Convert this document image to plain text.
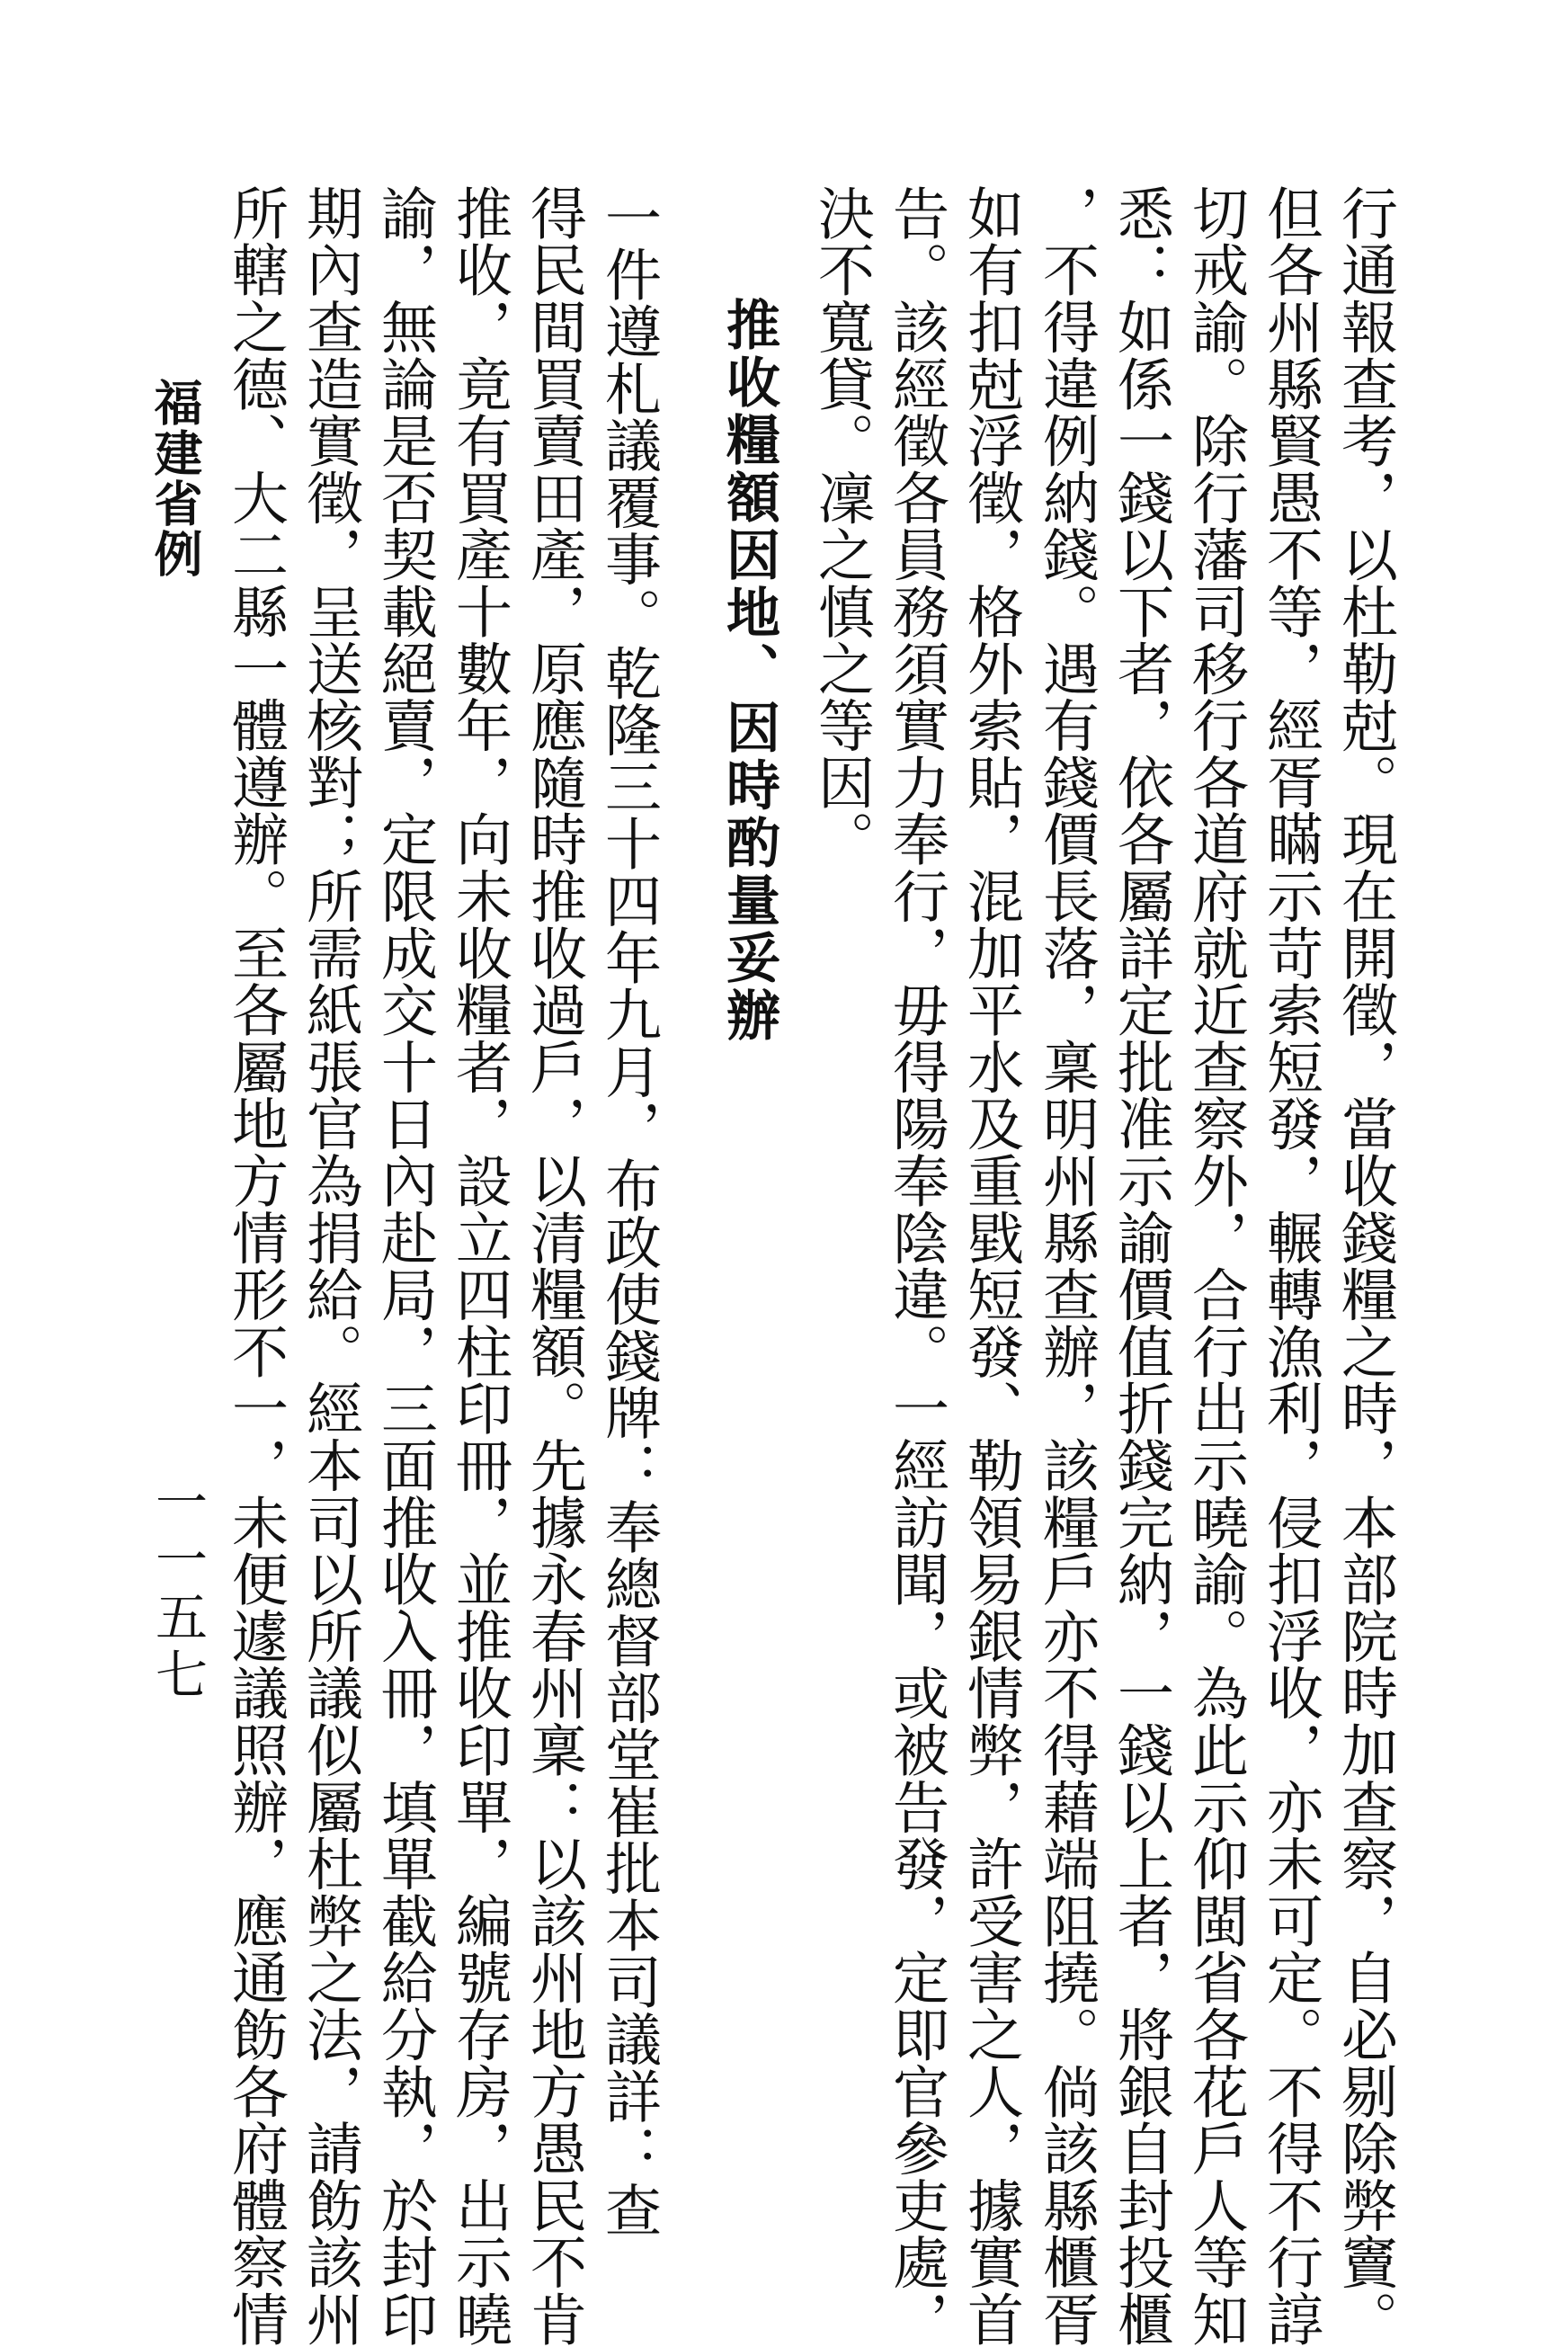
行通報查考，以杜勒尅。現在開徵，當收錢糧之時，本部院時加查察，自必剔除弊竇。
但各州縣賢愚不等，經胥瞞示苛索短發，輾轉漁利，侵扣浮收，亦未可定。不得不行諄
切戒諭。除行藩司移行各道府就近查察外，合行出示曉諭。為此示仰閩省各花戶人等知
悉：如係一錢以下者，依各屬詳定批准示諭價值折錢完納，一錢以上者，將銀自封投櫃
，不得違例納錢。遇有錢價長落，稟明州縣查辦，該糧戶亦不得藉端阻撓。倘該縣櫃胥
如有扣尅浮徵，格外索貼，混加平水及重戥短發、勒領易銀情弊，許受害之人，據實首
告。該經徵各員務須實力奉行，毋得陽奉陰違。一經訪聞，或被告發，定即官參吏處，
決不寬貸。凜之慎之等因。
推收糧額因地、因時酌量妥辦
一件遵札議覆事。乾隆三十四年九月，布政使錢牌：奉總督部堂崔批本司議詳：查
得民間買賣田產，原應隨時推收過戶，以清糧額。先據永春州稟：以該州地方愚民不肯
推收，竟有買產十數年，向未收糧者，設立四柱印冊，並推收印單，編號存房，出示曉
諭，無論是否契載絕賣，定限成交十日內赴局，三面推收入冊，填單截給分執，於封印
期內查造實徵，呈送核對；所需紙張官為捐給。經本司以所議似屬杜弊之法，請飭該州
所轄之德、大二縣一體遵辦。至各屬地方情形不一，未便遽議照辦，應通飭各府體察情
福建省例
一一五七
